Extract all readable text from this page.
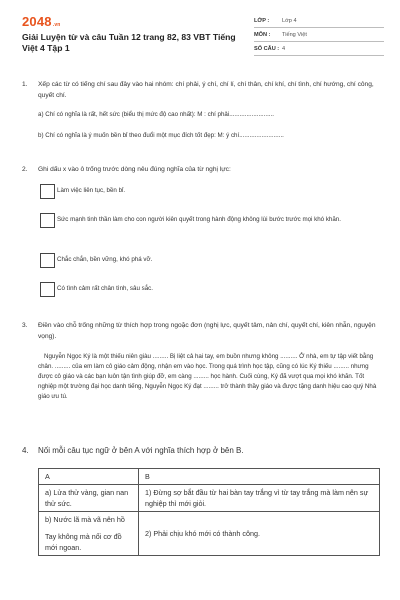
2048.vn
Giải Luyện từ và câu Tuần 12 trang 82, 83 VBT Tiếng Việt 4 Tập 1
LỚP :	Lớp 4
MÔN :	Tiếng Việt
SỐ CÂU : 4
1. Xếp các từ có tiếng chí sau đây vào hai nhóm: chí phải, ý chí, chí lí, chí thân, chí khí, chí tình, chí hướng, chí công, quyết chí.
a) Chí có nghĩa là rất, hết sức (biểu thị mức độ cao nhất): M : chí phải..........................
b) Chí có nghĩa là ý muốn bền bỉ theo đuổi một mục đích tốt đẹp: M: ý chí..........................
2. Ghi dấu x vào ô trống trước dòng nêu đúng nghĩa của từ nghị lực:
Làm việc liên tục, bền bỉ.
Sức mạnh tinh thần làm cho con người kiên quyết trong hành động không lùi bước trước mọi khó khăn.
Chắc chắn, bền vững, khó phá vỡ.
Có tình cảm rất chân tình, sâu sắc.
3. Điền vào chỗ trống những từ thích hợp trong ngoặc đơn (nghị lực, quyết tâm, nản chí, quyết chí, kiên nhẫn, nguyện vọng).
Nguyễn Ngọc Ký là một thiếu niên giàu ......... Bị liệt cả hai tay, em buồn nhưng không .......... Ở nhà, em tự tập viết bằng chân. ......... của em làm cô giáo cảm động, nhận em vào học. Trong quá trình học tập, cũng có lúc Ký thiếu ......... nhưng được cô giáo và các bạn luôn tận tình giúp đỡ, em càng ......... học hành. Cuối cùng, Ký đã vượt qua mọi khó khăn. Tốt nghiệp một trường đại học danh tiếng, Nguyễn Ngọc Ký đạt ......... trở thành thầy giáo và được tặng danh hiệu cao quý Nhà giáo ưu tú.
4. Nối mỗi câu tục ngữ ở bên A với nghĩa thích hợp ở bên B.
A	B
a) Lửa thử vàng, gian nan thử sức.	1) Đừng sợ bắt đầu từ hai bàn tay trắng vì từ tay trắng mà làm nên sự nghiệp thì mới giỏi.

b) Nước lã mà vã nên hồ
Tay không mà nổi cơ đồ mới ngoan.	2) Phải chịu khó mới có thành công.
